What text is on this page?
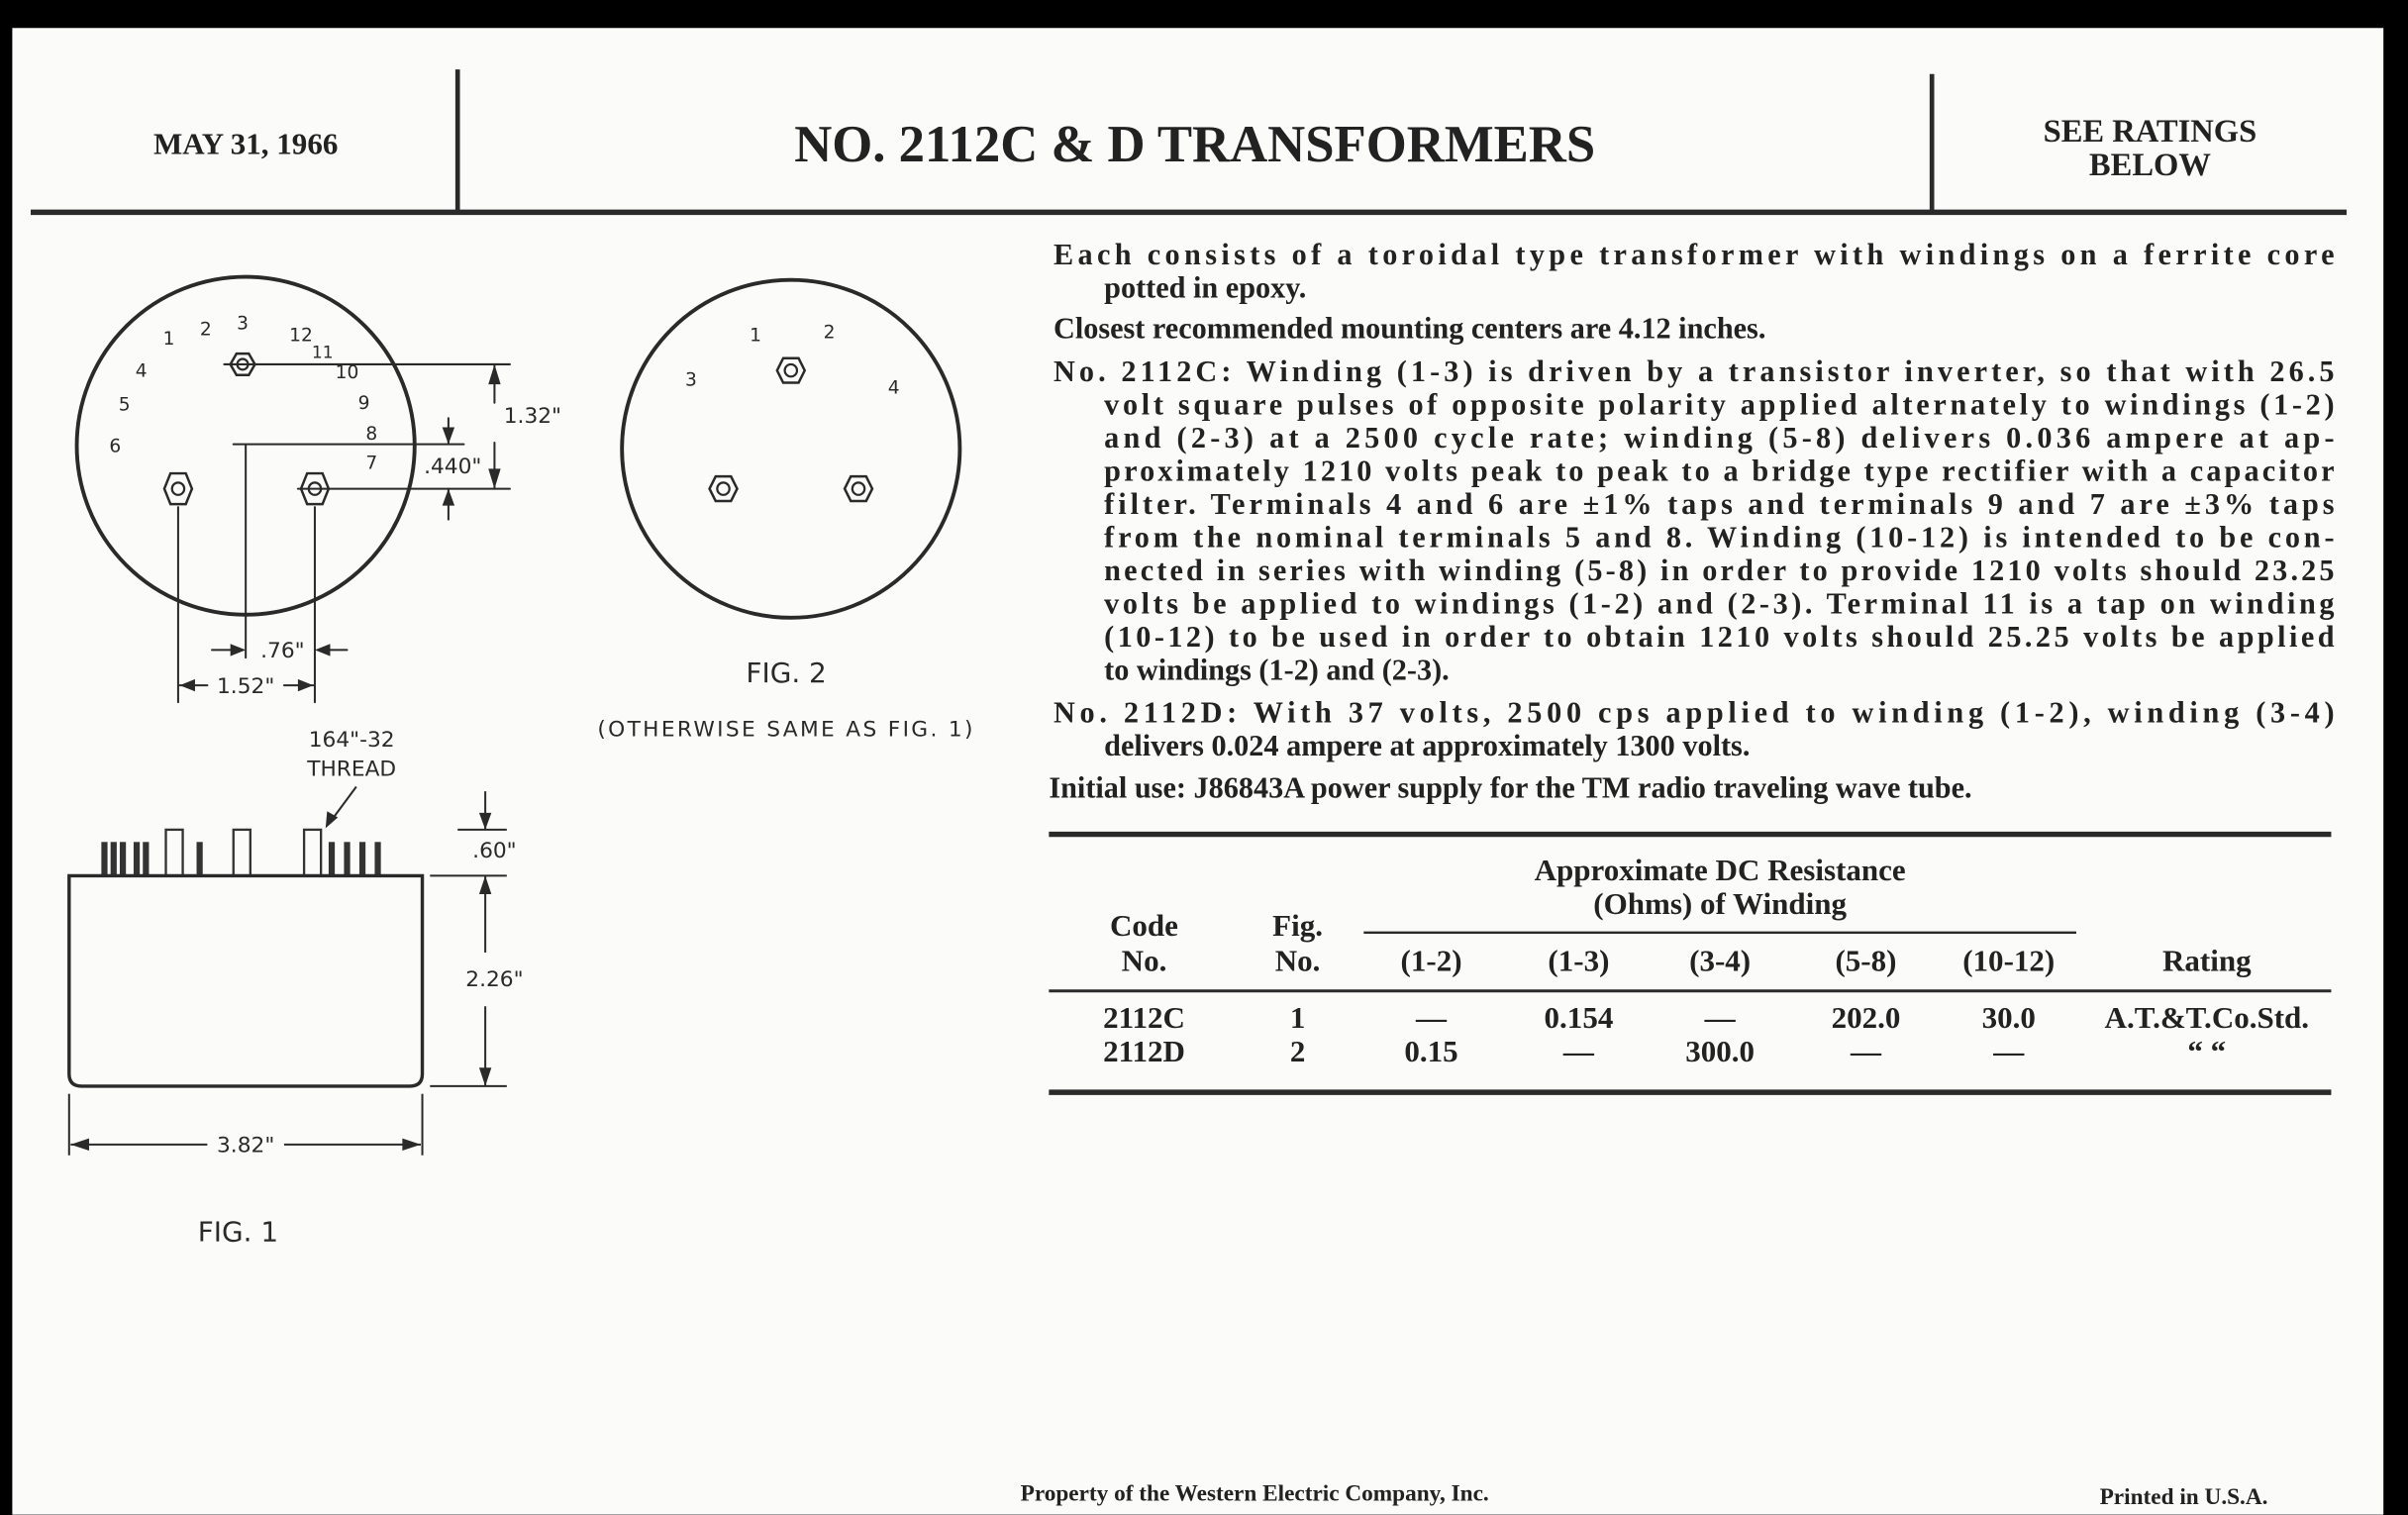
MAY 31, 1966	NO. 2112C & D TRANSFORMERS	SEE RATINGS
BELOW
Each consists of a toroidal type transformer with windings on a ferrite core
potted in epoxy.
Closest recommended mounting centers are 4.12 inches.
No. 2112C: Winding (1-3) is driven by a transistor inverter, so that with 26.5
volt square pulses of opposite polarity applied alternately to windings (1-2)
and (2-3) at a 2500 cycle rate; winding (5-8) delivers 0.036 ampere at ap-
proximately 1210 volts peak to peak to a bridge type rectifier with a capacitor
filter. Terminals 4 and 6 are ±1% taps and terminals 9 and 7 are ±3% taps
from the nominal terminals 5 and 8. Winding (10-12) is intended to be con-
nected in series with winding (5-8) in order to provide 1210 volts should 23.25
volts be applied to windings (1-2) and (2-3). Terminal 11 is a tap on winding
(10-12) to be used in order to obtain 1210 volts should 25.25 volts be applied
to windings (1-2) and (2-3).
No. 2112D: With 37 volts, 2500 cps applied to winding (1-2), winding (3-4)
delivers 0.024 ampere at approximately 1300 volts.
Initial use: J86843A power supply for the TM radio traveling wave tube.
Approximate DC Resistance
(Ohms) of Winding
Code
No.
Fig.
No.	(1-2)	(1-3)	(3-4)	(5-8)	(10-12)	Rating
2112C	1	—	0.154	—	202.0	30.0	A.T.&T.Co.Std.
2112D	2	0.15	—	300.0	—	—	“ “
1 2 3
4
5
6
7
8
9
10
11
12
1.32"
.440"
.76"
1.52"
164"-32
THREAD
.60"
2.26"
3.82"
FIG. 1
1	2
3	4
FIG. 2
(OTHERWISE SAME AS FIG. 1)
Property of the Western Electric Company, Inc.	Printed in U.S.A.
